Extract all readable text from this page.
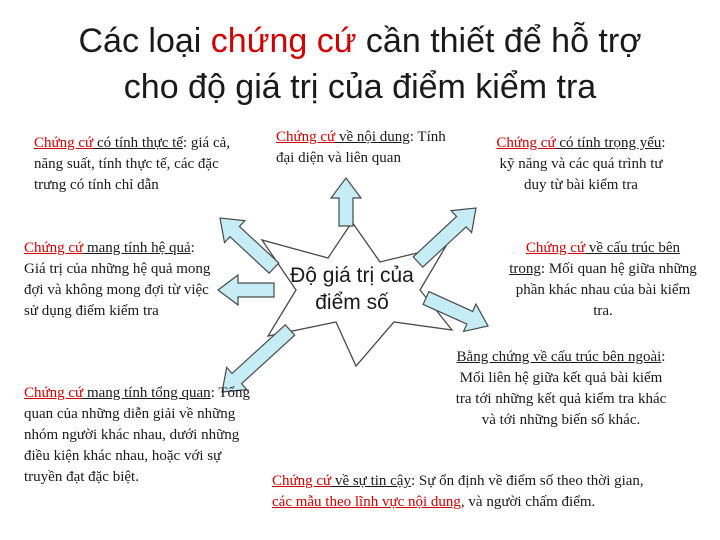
Các loại chứng cứ cần thiết để hỗ trợ
cho độ giá trị của điểm kiểm tra
Độ giá trị của
điểm số
Chứng cứ có tính thực tế: giá cả, năng suất, tính thực tế, các đặc trưng có tính chỉ dẫn
Chứng cứ về nội dung: Tính đại diện và liên quan
Chứng cứ có tính trọng yếu: kỹ năng và các quá trình tư duy từ bài kiểm tra
Chứng cứ mang tính hệ quả: Giá trị của những hệ quả mong đợi và không mong đợi từ việc sử dụng điểm kiểm tra
Chứng cứ về cấu trúc bên trong: Mối quan hệ giữa những phần khác nhau của bài kiểm tra.
Bằng chứng về cấu trúc bên ngoài: Mối liên hệ giữa kết quả bài kiểm tra tới những kết quả kiểm tra khác và tới những biến số khác.
Chứng cứ mang tính tổng quan: Tổng quan của những diễn giải về những nhóm người khác nhau, dưới những điều kiện khác nhau, hoặc với sự truyền đạt đặc biệt.	Chứng cứ về sự tin cậy: Sự ổn định về điểm số theo thời gian, các mẫu theo lĩnh vực nội dung, và người chấm điểm.
